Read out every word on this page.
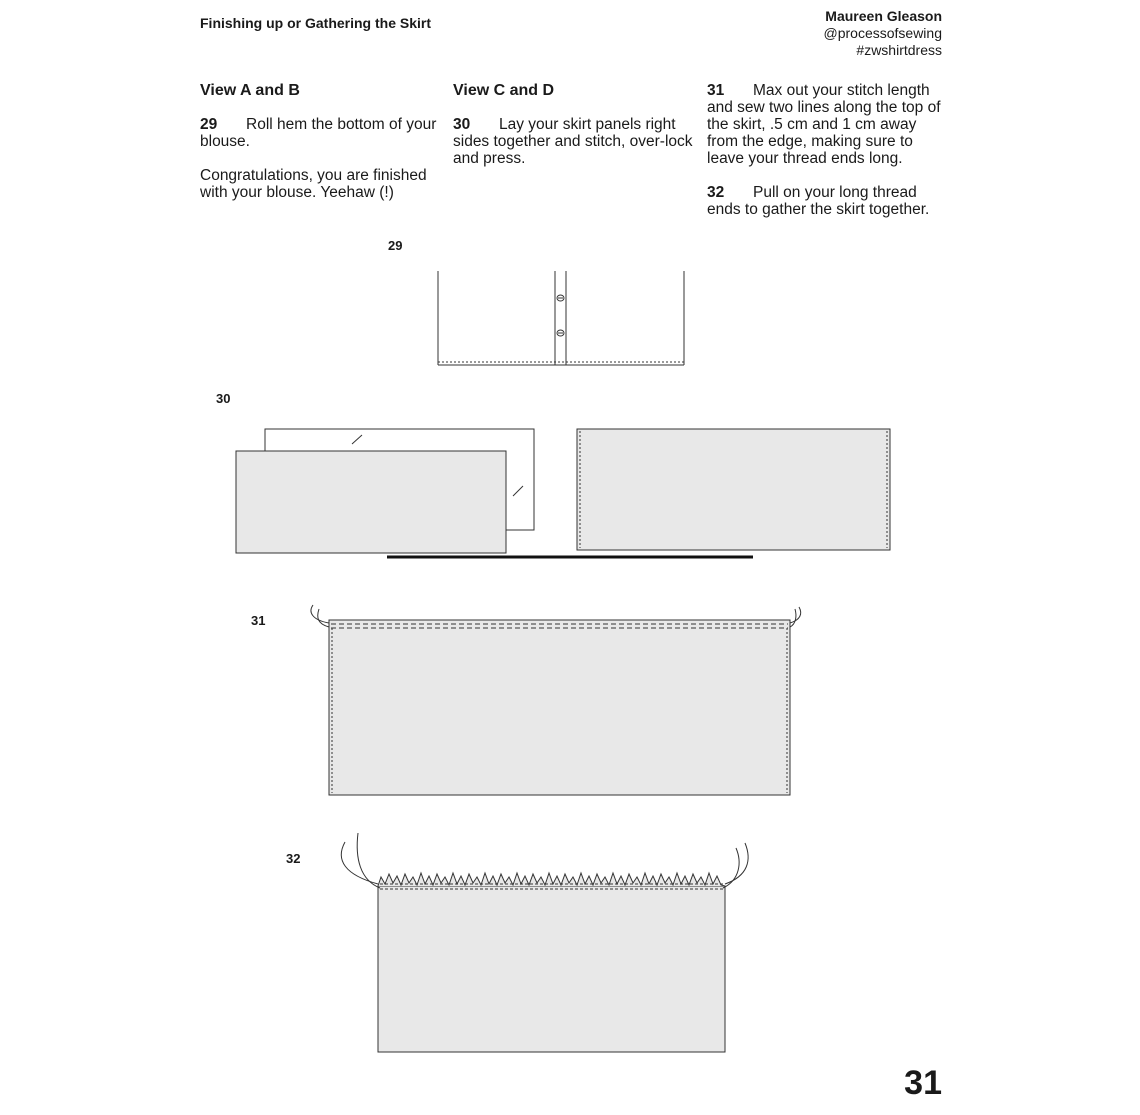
Finishing up or Gathering the Skirt	Maureen Gleason
@processofsewing
#zwshirtdress
View A and B

29 Roll hem the bottom of your blouse.

Congratulations, you are finished with your blouse. Yeehaw (!)

View C and D

30 Lay your skirt panels right sides together and stitch, over-lock and press.

31 Max out your stitch length and sew two lines along the top of the skirt, .5 cm and 1 cm away from the edge, making sure to leave your thread ends long.

32 Pull on your long thread ends to gather the skirt together.

29
30
31
32
31
